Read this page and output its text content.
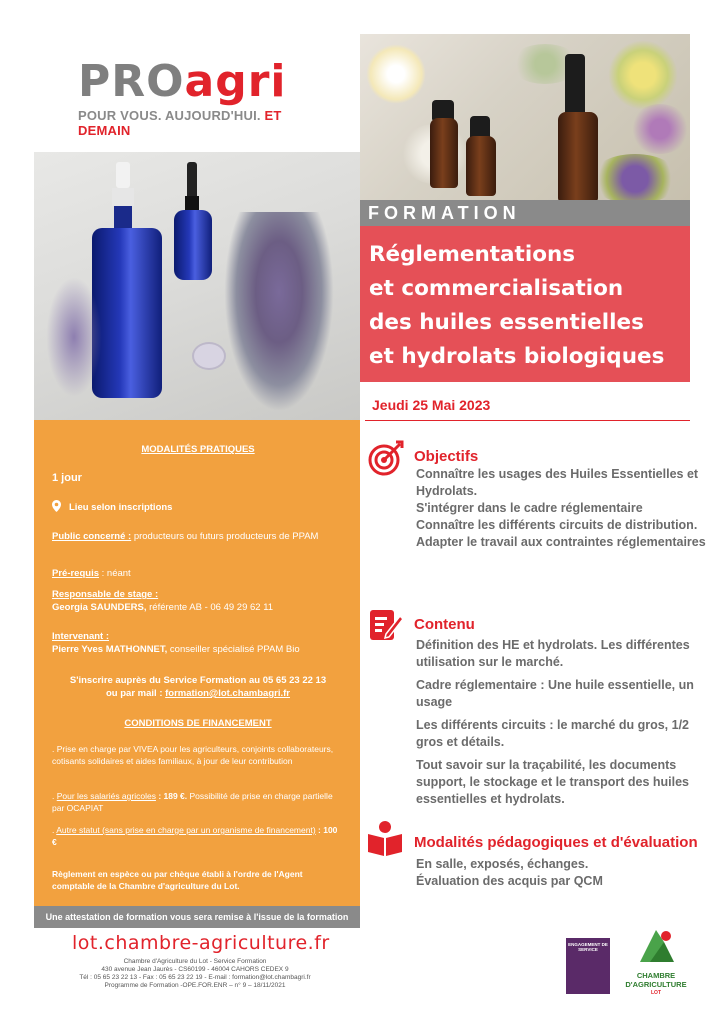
PROagri
POUR VOUS. AUJOURD'HUI. ET DEMAIN
FORMATION
Réglementations
et commercialisation
des huiles essentielles
et hydrolats biologiques
Jeudi 25 Mai 2023
MODALITÉS PRATIQUES
1 jour
Lieu selon inscriptions
Public concerné : producteurs ou futurs producteurs de PPAM
Pré-requis : néant
Responsable de stage :
Georgia SAUNDERS, référente AB - 06 49 29 62 11
Intervenant :
Pierre Yves MATHONNET, conseiller spécialisé PPAM Bio
S'inscrire auprès du Service Formation au 05 65 23 22 13
ou par mail : formation@lot.chambagri.fr
CONDITIONS DE FINANCEMENT
. Prise en charge par VIVEA pour les agriculteurs, conjoints collaborateurs, cotisants solidaires et aides familiaux, à jour de leur contribution
. Pour les salariés agricoles : 189 €. Possibilité de prise en charge partielle par OCAPIAT
. Autre statut (sans prise en charge par un organisme de financement) : 100 €
Règlement en espèce ou par chèque établi à l'ordre de l'Agent comptable de la Chambre d'agriculture du Lot.
Une attestation de formation vous sera remise à l'issue de la formation
lot.chambre-agriculture.fr
Chambre d'Agriculture du Lot - Service Formation
430 avenue Jean Jaurès - CS60199 - 46004 CAHORS CEDEX 9
Tél : 05 65 23 22 13 - Fax : 05 65 23 22 19 - E-mail : formation@lot.chambagri.fr
Programme de Formation -OPE.FOR.ENR – n° 9 – 18/11/2021
ENGAGEMENT DE SERVICE
CHAMBRE
D'AGRICULTURE
LOT
Objectifs
Connaître les usages des Huiles Essentielles et Hydrolats.
S'intégrer dans le cadre réglementaire
Connaître les différents circuits de distribution.
Adapter le travail aux contraintes réglementaires
Contenu

Définition des HE et hydrolats. Les différentes utilisation sur le marché.

Cadre réglementaire : Une huile essentielle, un usage

Les différents circuits : le marché du gros, 1/2 gros et détails.

Tout savoir sur la traçabilité, les documents support, le stockage et le transport des huiles essentielles et hydrolats.

Modalités pédagogiques et d'évaluation
En salle, exposés, échanges.
Évaluation des acquis par QCM
